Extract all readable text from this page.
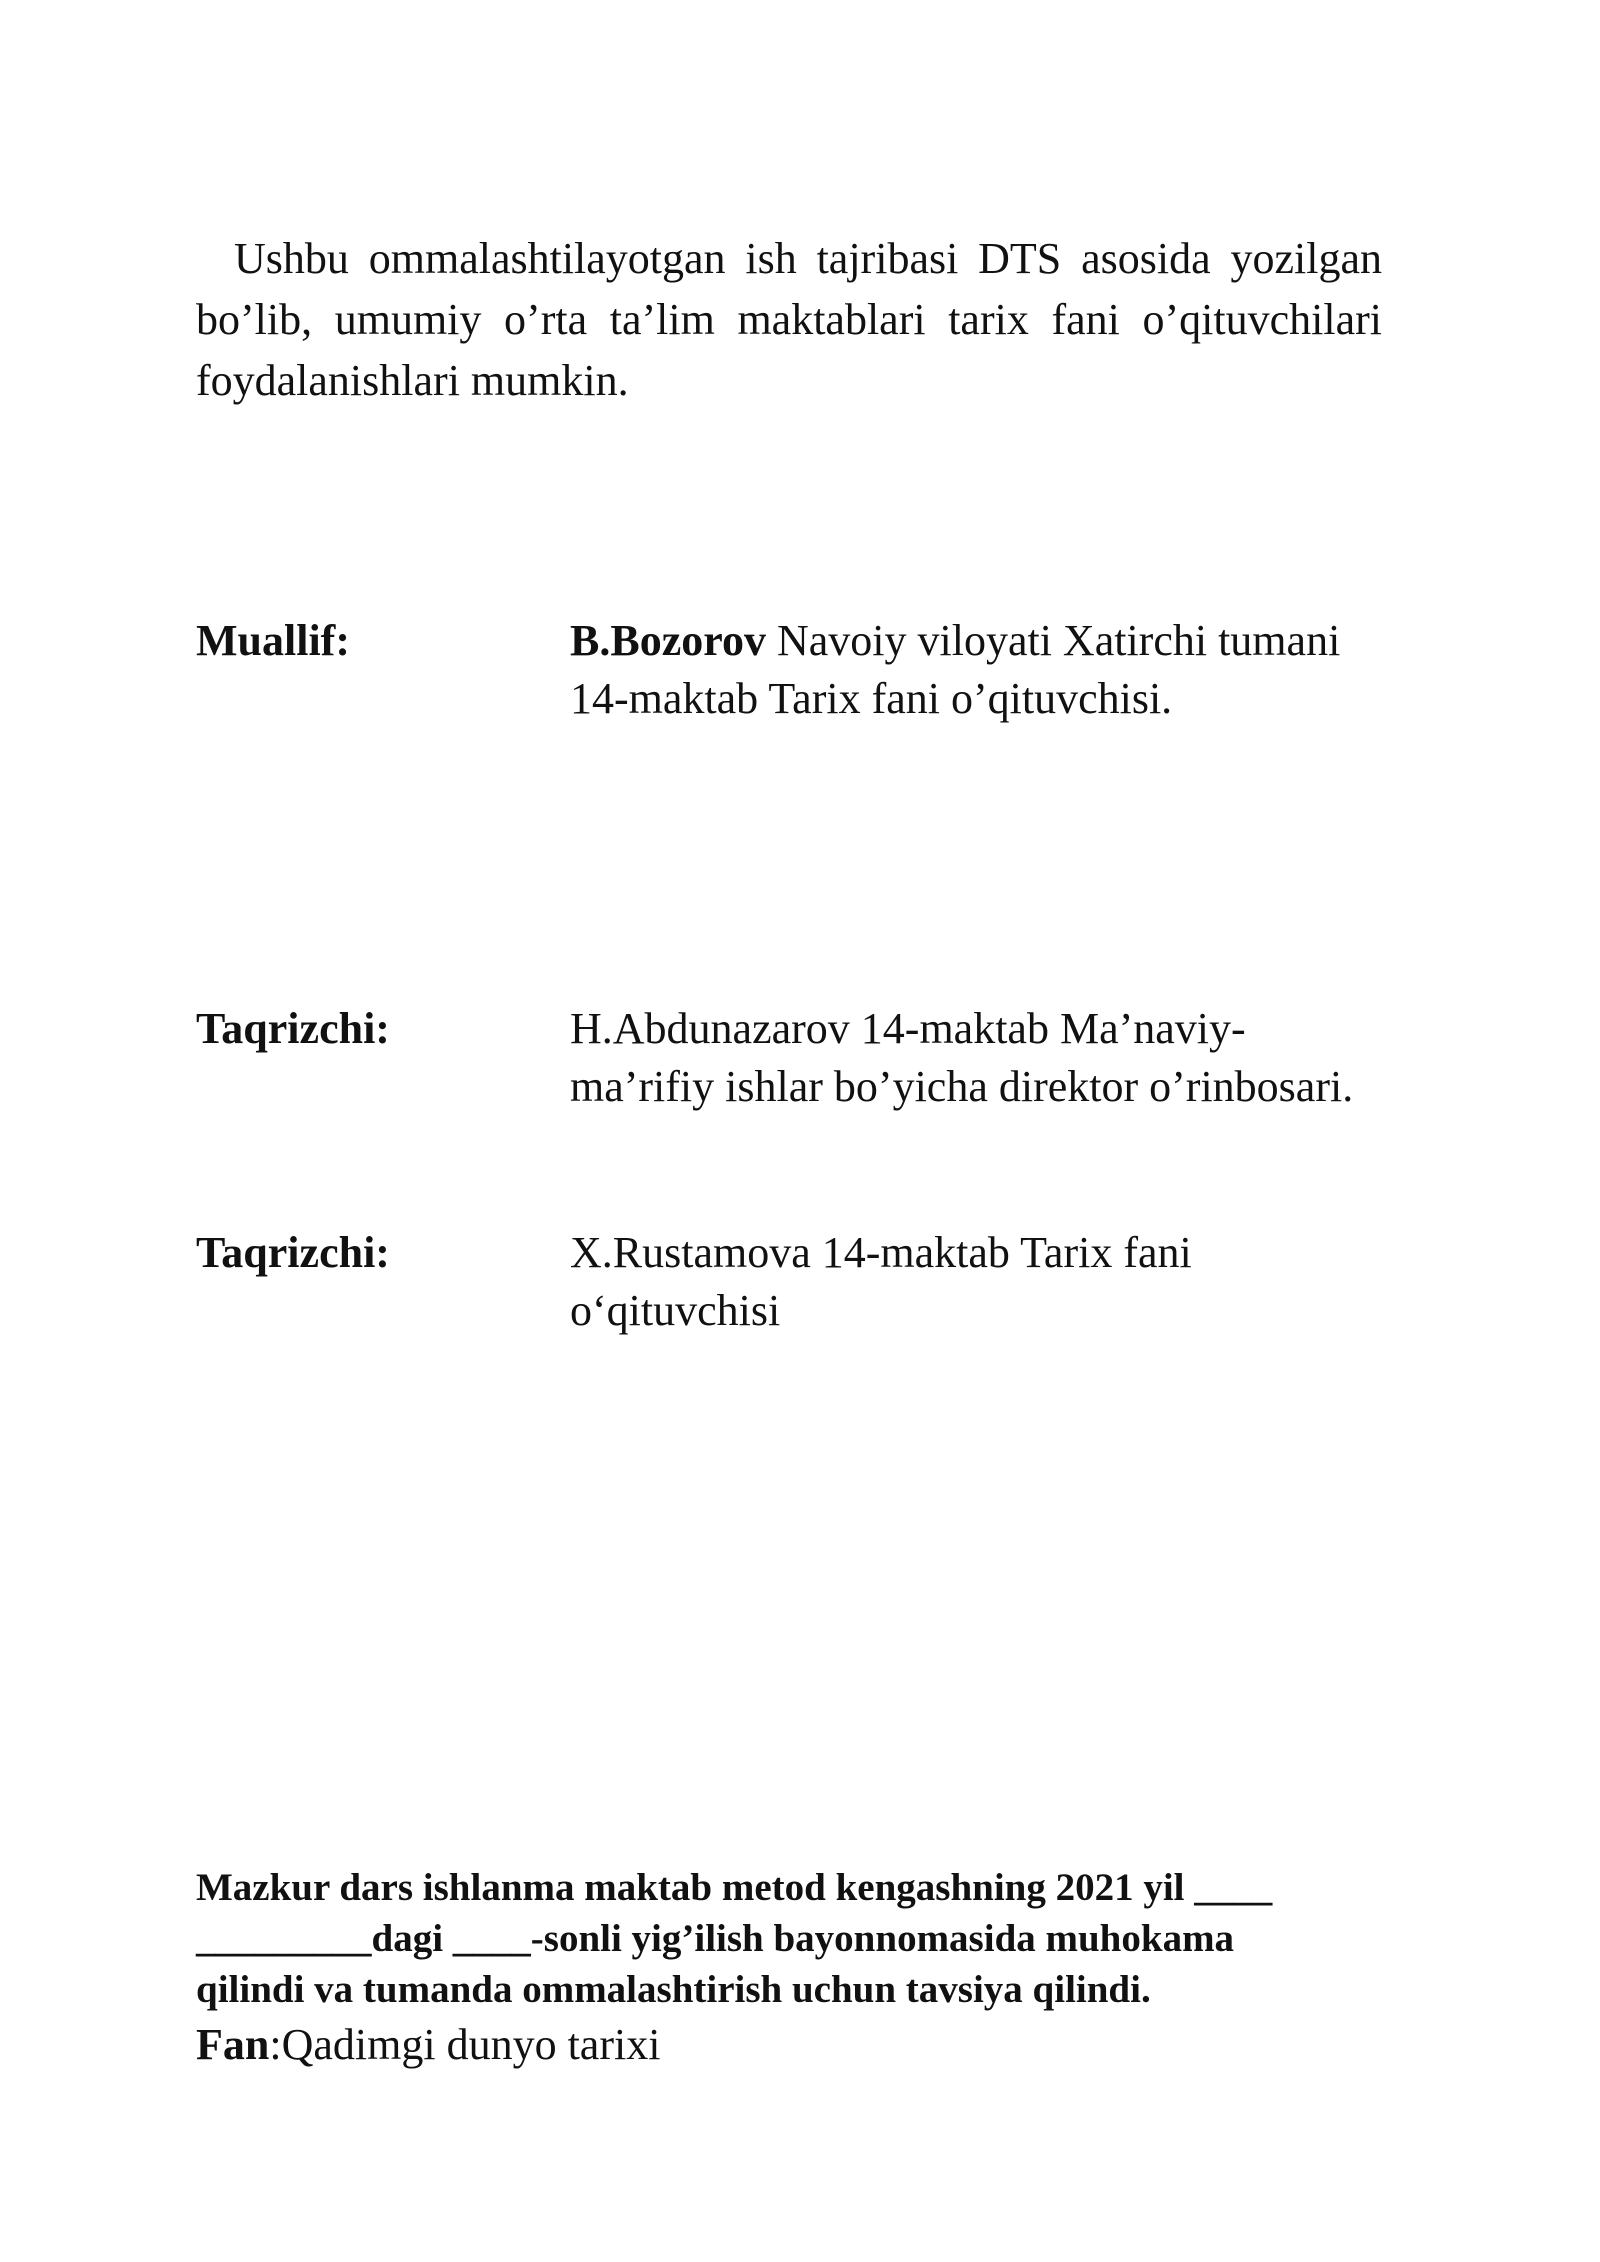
Ushbu ommalashtilayotgan ish tajribasi DTS asosida yozilgan bo’lib, umumiy o’rta ta’lim maktablari tarix fani o’qituvchilari foydalanishlari mumkin.

Muallif:	B.Bozorov Navoiy viloyati Xatirchi tumani 14-maktab Tarix fani o’qituvchisi.
Taqrizchi:	H.Abdunazarov 14-maktab Ma’naviy-ma’rifiy ishlar bo’yicha direktor o’rinbosari.
Taqrizchi:	X.Rustamova 14-maktab Tarix fani o‘qituvchisi

Mazkur dars ishlanma maktab metod kengashning 2021 yil ____
_________dagi ____-sonli yig’ilish bayonnomasida muhokama
qilindi va tumanda ommalashtirish uchun tavsiya qilindi.

Fan:Qadimgi dunyo tarixi
